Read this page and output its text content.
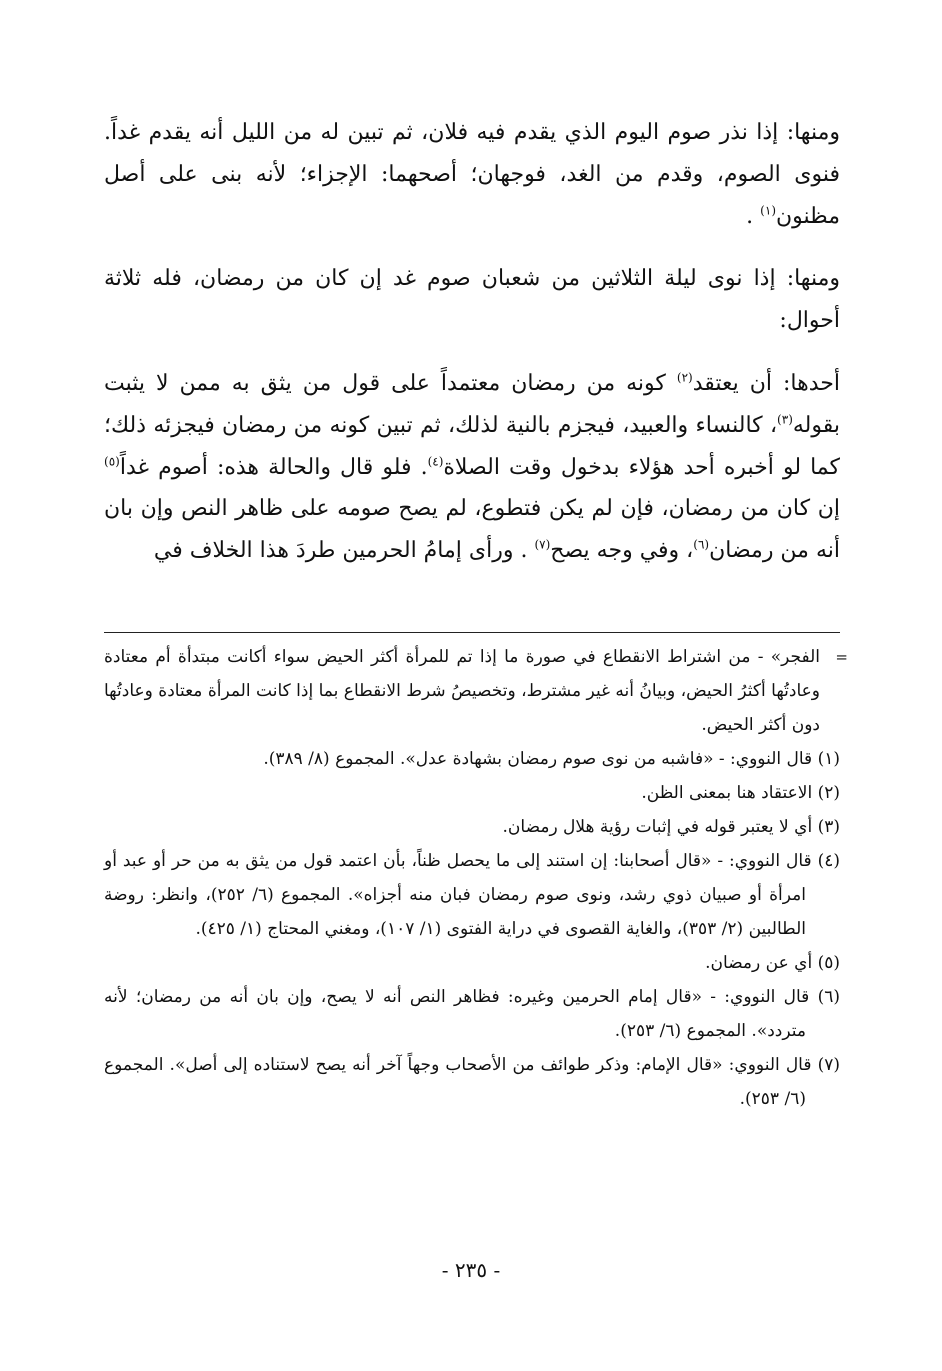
ومنها: إذا نذر صوم اليوم الذي يقدم فيه فلان، ثم تبين له من الليل أنه يقدم غداً. فنوى الصوم، وقدم من الغد، فوجهان؛ أصحهما: الإجزاء؛ لأنه بنى على أصل مظنون$^{(١)}$ .

ومنها: إذا نوى ليلة الثلاثين من شعبان صوم غد إن كان من رمضان، فله ثلاثة أحوال:

أحدها: أن يعتقد$^{(٢)}$ كونه من رمضان معتمداً على قول من يثق به ممن لا يثبت بقوله$^{(٣)}$، كالنساء والعبيد، فيجزم بالنية لذلك، ثم تبين كونه من رمضان فيجزئه ذلك؛ كما لو أخبره أحد هؤلاء بدخول وقت الصلاة$^{(٤)}$. فلو قال والحالة هذه: أصوم غداً$^{(٥)}$ إن كان من رمضان، فإن لم يكن فتطوع، لم يصح صومه على ظاهر النص وإن بان أنه من رمضان$^{(٦)}$، وفي وجه يصح$^{(٧)}$ . ورأى إمامُ الحرمين طردَ هذا الخلاف في

=
الفجر» - من اشتراط الانقطاع في صورة ما إذا تم للمرأة أكثر الحيض سواء أكانت مبتدأة أم معتادة وعادتُها أكثرُ الحيض، وبيانُ أنه غير مشترط، وتخصيصُ شرط الانقطاع بما إذا كانت المرأة معتادة وعادتُها دون أكثر الحيض.

(١) قال النووي: - «فاشبه من نوى صوم رمضان بشهادة عدل». المجموع (٨/ ٣٨٩).

(٢) الاعتقاد هنا بمعنى الظن.

(٣) أي لا يعتبر قوله في إثبات رؤية هلال رمضان.

(٤) قال النووي: - «قال أصحابنا: إن استند إلى ما يحصل ظناً، بأن اعتمد قول من يثق به من حر أو عبد أو امرأة أو صبيان ذوي رشد، ونوى صوم رمضان فبان منه أجزاه». المجموع (٦/ ٢٥٢)، وانظر: روضة الطالبين (٢/ ٣٥٣)، والغاية القصوى في دراية الفتوى (١/ ١٠٧)، ومغني المحتاج (١/ ٤٢٥).

(٥) أي عن رمضان.

(٦) قال النووي: - «قال إمام الحرمين وغيره: فظاهر النص أنه لا يصح، وإن بان أنه من رمضان؛ لأنه متردد». المجموع (٦/ ٢٥٣).

(٧) قال النووي: «قال الإمام: وذكر طوائف من الأصحاب وجهاً آخر أنه يصح لاستناده إلى أصل». المجموع (٦/ ٢٥٣).

- ٢٣٥ -
